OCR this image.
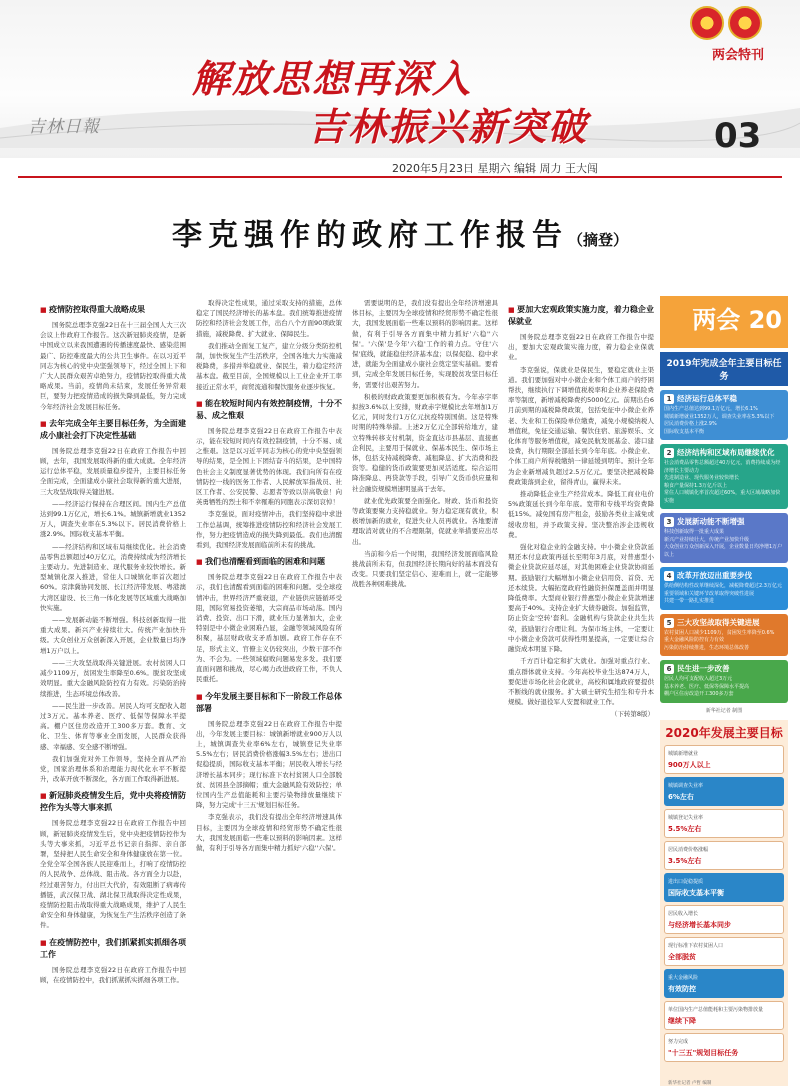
吉林日報
解放思想再深入
吉林振兴新突破
两会特刊
03
2020年5月23日 星期六 编辑 周力 王大闯
李克强作的政府工作报告（摘登）
■ 疫情防控取得重大战略成果

国务院总理李克强22日在十三届全国人大三次会议上作政府工作报告。这次新冠肺炎疫情，是新中国成立以来我国遭遇的传播速度最快、感染范围最广、防控难度最大的公共卫生事件。在以习近平同志为核心的党中央坚强领导下，经过全国上下和广大人民群众艰苦卓绝努力，疫情防控取得重大战略成果。当前，疫情尚未结束，发展任务异常艰巨，要努力把疫情造成的损失降到最低，努力完成今年经济社会发展目标任务。

■ 去年完成全年主要目标任务，为全面建成小康社会打下决定性基础

国务院总理李克强22日在政府工作报告中回顾，去年，我国发展取得新的重大成就。全年经济运行总体平稳，发展质量稳步提升，主要目标任务全面完成，全面建成小康社会取得新的重大进展，三大攻坚战取得关键进展。

——经济运行保持在合理区间。国内生产总值达到99.1万亿元，增长6.1%。城镇新增就业1352万人，调查失业率在5.3%以下。居民消费价格上涨2.9%。国际收支基本平衡。

——经济结构和区域布局继续优化。社会消费品零售总额超过40万亿元，消费持续成为经济增长主要动力。先进制造业、现代服务业较快增长。新型城镇化深入推进，常住人口城镇化率首次超过60%。京津冀协同发展、长江经济带发展、粤港澳大湾区建设、长三角一体化发展等区域重大战略加快实施。

——发展新动能不断增强。科技创新取得一批重大成果。新兴产业持续壮大。传统产业加快升级。大众创业万众创新深入开展，企业数量日均净增1万户以上。

——三大攻坚战取得关键进展。农村贫困人口减少1109万，贫困发生率降至0.6%。脱贫攻坚成效明显。重大金融风险防控有力有效。污染防治持续推进，生态环境总体改善。

——民生进一步改善。居民人均可支配收入超过3万元。基本养老、医疗、低保等保障水平提高。棚户区住房改造开工300多万套。教育、文化、卫生、体育等事业全面发展，人民群众获得感、幸福感、安全感不断增强。

我们加强党对外工作领导，坚持全面从严治党，国家治理体系和治理能力现代化水平不断提升，改革开放不断深化，各方面工作取得新进展。

■ 新冠肺炎疫情发生后，党中央将疫情防控作为头等大事来抓

国务院总理李克强22日在政府工作报告中回顾，新冠肺炎疫情发生后，党中央把疫情防控作为头等大事来抓，习近平总书记亲自指挥、亲自部署，坚持把人民生命安全和身体健康放在第一位。全党全军全国各族人民迎难而上，打响了疫情防控的人民战争、总体战、阻击战。各方面全力以赴，经过艰苦努力，付出巨大代价，有效阻断了病毒传播链，武汉保卫战、湖北保卫战取得决定性成果，疫情防控阻击战取得重大战略成果，维护了人民生命安全和身体健康，为恢复生产生活秩序创造了条件。

■ 在疫情防控中，我们抓紧抓实抓细各项工作

国务院总理李克强22日在政府工作报告中回顾，在疫情防控中，我们抓紧抓实抓细各项工作。

取得决定性成果，通过采取支持的措施，总体稳定了国民经济增长的基本盘。我们统筹推进疫情防控和经济社会发展工作，出台八个方面90项政策措施，减税降费、扩大就业、保障民生。

我们推动全面复工复产，建立分级分类防控机制，加快恢复生产生活秩序，全国各地大力实施减税降费，多措并举稳就业、保民生，着力稳定经济基本盘。截至目前，全国规模以上工业企业开工率接近正常水平，商贸流通和餐饮服务业逐步恢复。

■ 能在较短时间内有效控制疫情，十分不易、成之惟艰

国务院总理李克强22日在政府工作报告中表示，能在较短时间内有效控制疫情，十分不易、成之惟艰。这是以习近平同志为核心的党中央坚强领导的结果，是全国上下团结奋斗的结果，是中国特色社会主义制度显著优势的体现。我们向所有在疫情防控一线的医务工作者、人民解放军指战员、社区工作者、公安民警、志愿者等致以崇高敬意！向英勇牺牲的烈士和不幸罹难的同胞表示深切哀悼！

李克强说，面对疫情冲击，我们坚持稳中求进工作总基调，统筹推进疫情防控和经济社会发展工作，努力把疫情造成的损失降到最低。我们也清醒看到，我国经济发展面临前所未有的挑战。

■ 我们也清醒看到面临的困难和问题

国务院总理李克强22日在政府工作报告中表示，我们也清醒看到面临的困难和问题。受全球疫情冲击，世界经济严重衰退，产业链供应链循环受阻，国际贸易投资萎缩，大宗商品市场动荡。国内消费、投资、出口下滑，就业压力显著加大，企业特别是中小微企业困难凸显，金融等领域风险有所积聚，基层财政收支矛盾加剧。政府工作存在不足，形式主义、官僚主义仍较突出，少数干部不作为、不会为。一些领域腐败问题易发多发。我们要直面问题和挑战，尽心竭力改进政府工作，不负人民重托。

■ 今年发展主要目标和下一阶段工作总体部署

国务院总理李克强22日在政府工作报告中提出，今年发展主要目标：城镇新增就业900万人以上，城镇调查失业率6%左右，城镇登记失业率5.5%左右；居民消费价格涨幅3.5%左右；进出口促稳提质，国际收支基本平衡；居民收入增长与经济增长基本同步；现行标准下农村贫困人口全部脱贫、贫困县全部摘帽；重大金融风险有效防控；单位国内生产总值能耗和主要污染物排放量继续下降，努力完成'十三五'规划目标任务。

李克强表示，我们没有提出全年经济增速具体目标，主要因为全球疫情和经贸形势不确定性很大，我国发展面临一些难以预料的影响因素。这样做，有利于引导各方面集中精力抓好'六稳''六保'。

需要说明的是，我们没有提出全年经济增速具体目标，主要因为全球疫情和经贸形势不确定性很大，我国发展面临一些难以预料的影响因素。这样做，有利于引导各方面集中精力抓好'六稳''六保'。'六保'是今年'六稳'工作的着力点。守住'六保'底线，就能稳住经济基本盘；以保促稳、稳中求进，就能为全面建成小康社会奠定坚实基础。要看到，完成全年发展目标任务，实现脱贫攻坚目标任务，需要付出艰苦努力。

积极的财政政策要更加积极有为。今年赤字率拟按3.6%以上安排，财政赤字规模比去年增加1万亿元，同时发行1万亿元抗疫特别国债。这是特殊时期的特殊举措。上述2万亿元全部转给地方，建立特殊转移支付机制，资金直达市县基层、直接惠企利民，主要用于保就业、保基本民生、保市场主体，包括支持减税降费、减租降息、扩大消费和投资等。稳健的货币政策要更加灵活适度。综合运用降准降息、再贷款等手段，引导广义货币供应量和社会融资规模增速明显高于去年。

就业优先政策要全面强化。财政、货币和投资等政策要聚力支持稳就业。努力稳定现有就业，积极增加新的就业，促进失业人员再就业。各地要清理取消对就业的不合理限制，促就业举措要应出尽出。

当前和今后一个时期，我国经济发展面临风险挑战前所未有，但我国经济长期向好的基本面没有改变。只要我们坚定信心、迎难而上，就一定能够战胜各种困难挑战。

■ 要加大宏观政策实施力度，着力稳企业保就业

国务院总理李克强22日在政府工作报告中提出，要加大宏观政策实施力度，着力稳企业保就业。

李克强说，保就业是保民生，要稳定就业主渠道。我们要加强对中小微企业和个体工商户的纾困帮扶，继续执行下调增值税税率和企业养老保险费率等制度，新增减税降费约5000亿元。前期出台6月前到期的减税降费政策，包括免征中小微企业养老、失业和工伤保险单位缴费，减免小规模纳税人增值税，免征交通运输、餐饮住宿、旅游娱乐、文化体育等服务增值税，减免民航发展基金、港口建设费，执行期限全部延长到今年年底。小微企业、个体工商户所得税缴纳一律延缓到明年。预计全年为企业新增减负超过2.5万亿元。要坚决把减税降费政策落到企业，留得青山，赢得未来。

推动降低企业生产经营成本。降低工商业电价5%政策延长到今年年底。宽带和专线平均资费降低15%。减免国有房产租金，鼓励各类业主减免或缓收房租，并予政策支持。坚决整治涉企违规收费。

强化对稳企业的金融支持。中小微企业贷款延期还本付息政策再延长至明年3月底，对普惠型小微企业贷款应延尽延，对其他困难企业贷款协商延期。鼓励银行大幅增加小微企业信用贷、首贷、无还本续贷。大幅拓宽政府性融资担保覆盖面并明显降低费率。大型商业银行普惠型小微企业贷款增速要高于40%。支持企业扩大债券融资。加强监管，防止资金'空转'套利。金融机构与贷款企业共生共荣，鼓励银行合理让利。为保市场主体，一定要让中小微企业贷款可获得性明显提高，一定要让综合融资成本明显下降。

千方百计稳定和扩大就业。加强对重点行业、重点群体就业支持。今年高校毕业生达874万人，要促进市场化社会化就业，高校和属地政府要提供不断线的就业服务。扩大硕士研究生招生和专升本规模。做好退役军人安置和就业工作。

（下转第8版）

两会 20
2019年完成全年主要目标任务
1 经济运行总体平稳
国内生产总值达到99.1万亿元，增长6.1%
城镇新增就业1352万人，调查失业率在5.3%以下
居民消费价格上涨2.9%
国际收支基本平衡
2 经济结构和区域布局继续优化
社会消费品零售总额超过40万亿元，消费持续成为经济增长主要动力
先进制造业、现代服务业较快增长
粮食产量保持1.3万亿斤以上
常住人口城镇化率首次超过60%，重大区域战略加快实施
3 发展新动能不断增强
科技创新取得一批重大成果
新兴产业持续壮大，传统产业加快升级
大众创业万众创新深入开展，企业数量日均净增1万户以上
4 改革开放迈出重要步伐
供给侧结构性改革继续深化，减税降费超过2.3万亿元
重要领域和关键环节改革取得突破性进展
共建一带一路扎实推进
5 三大攻坚战取得关键进展
农村贫困人口减少1109万，贫困发生率降至0.6%
重大金融风险防控有力有效
污染防治持续推进，生态环境总体改善
6 民生进一步改善
居民人均可支配收入超过3万元
基本养老、医疗、低保等保障水平提高
棚户区住房改造开工300多万套
新华社记者 制图
2020年发展主要目标
城镇新增就业
900万人以上
城镇调查失业率
6%左右
城镇登记失业率
5.5%左右
居民消费价格涨幅
3.5%左右
进出口促稳提质
国际收支基本平衡
居民收入增长
与经济增长基本同步
现行标准下农村贫困人口
全部脱贫
重大金融风险
有效防控
单位国内生产总值能耗和主要污染物排放量
继续下降
努力完成
"十三五"规划目标任务
新华社记者 卢哲 编制
